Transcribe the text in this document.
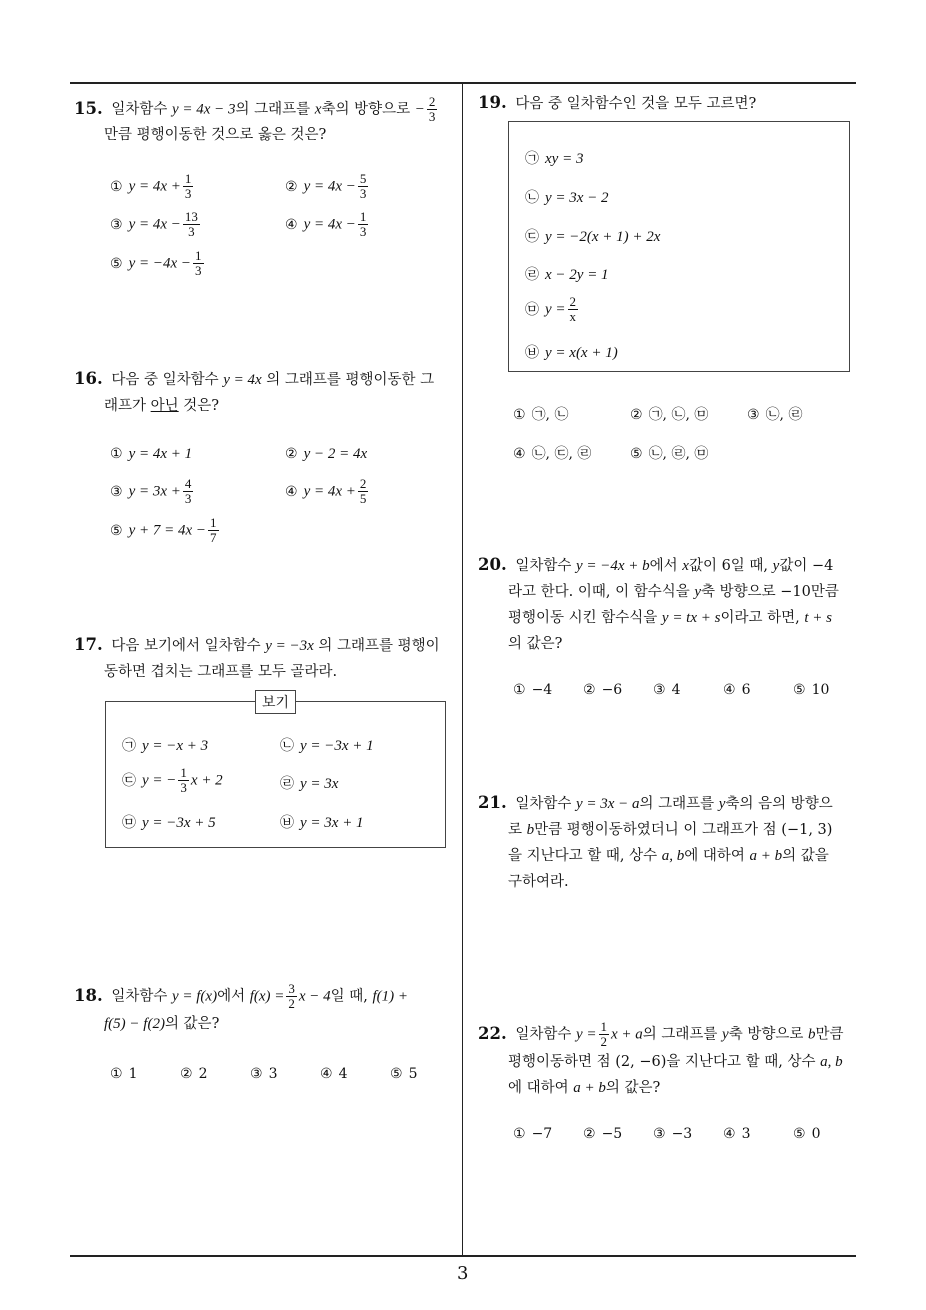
3
15. 일차함수 y = 4x − 3의 그래프를 x축의 방향으로 − $\frac{2}{3}$
만큼 평행이동한 것으로 옳은 것은?
① $y = 4x + \frac{1}{3}$	② $y = 4x - \frac{5}{3}$
③ $y = 4x - \frac{13}{3}$	④ $y = 4x - \frac{1}{3}$
⑤ $y = -4x - \frac{1}{3}$
16. 다음 중 일차함수 y = 4x 의 그래프를 평행이동한 그
래프가 아닌 것은?
① y = 4x + 1	② y − 2 = 4x
③ $y = 3x + \frac{4}{3}$	④ $y = 4x + \frac{2}{5}$
⑤ $y + 7 = 4x - \frac{1}{7}$
17. 다음 보기에서 일차함수 y = −3x 의 그래프를 평행이
동하면 겹치는 그래프를 모두 골라라.
보기
㉠ y = −x + 3	㉡ y = −3x + 1
㉢ y = − $\frac{1}{3}$ x + 2	㉣ y = 3x
㉤ y = −3x + 5	㉥ y = 3x + 1
18. 일차함수 y = f(x)에서 $f(x) = \frac{3}{2}$ x − 4일 때, f(1) +
f(5) − f(2)의 값은?
① 1	② 2	③ 3	④ 4	⑤ 5
19. 다음 중 일차함수인 것을 모두 고르면?
㉠ xy = 3
㉡ y = 3x − 2
㉢ y = −2(x + 1) + 2x
㉣ x − 2y = 1
㉤ $y = \frac{2}{x}$
㉥ y = x(x + 1)
① ㉠, ㉡	② ㉠, ㉡, ㉤	③ ㉡, ㉣
④ ㉡, ㉢, ㉣	⑤ ㉡, ㉣, ㉤
20. 일차함수 y = −4x + b에서 x값이 6일 때, y값이 −4
라고 한다. 이때, 이 함수식을 y축 방향으로 −10만큼
평행이동 시킨 함수식을 y = tx + s이라고 하면, t + s
의 값은?
① −4 ② −6 ③ 4	④ 6	⑤ 10
21. 일차함수 y = 3x − a의 그래프를 y축의 음의 방향으
로 b만큼 평행이동하였더니 이 그래프가 점 (−1, 3)
을 지난다고 할 때, 상수 a, b에 대하여 a + b의 값을
구하여라.
22. 일차함수 $y = \frac{1}{2}$ x + a의 그래프를 y축 방향으로 b만큼
평행이동하면 점 (2, −6)을 지난다고 할 때, 상수 a, b
에 대하여 a + b의 값은?
① −7 ② −5 ③ −3 ④ 3	⑤ 0
